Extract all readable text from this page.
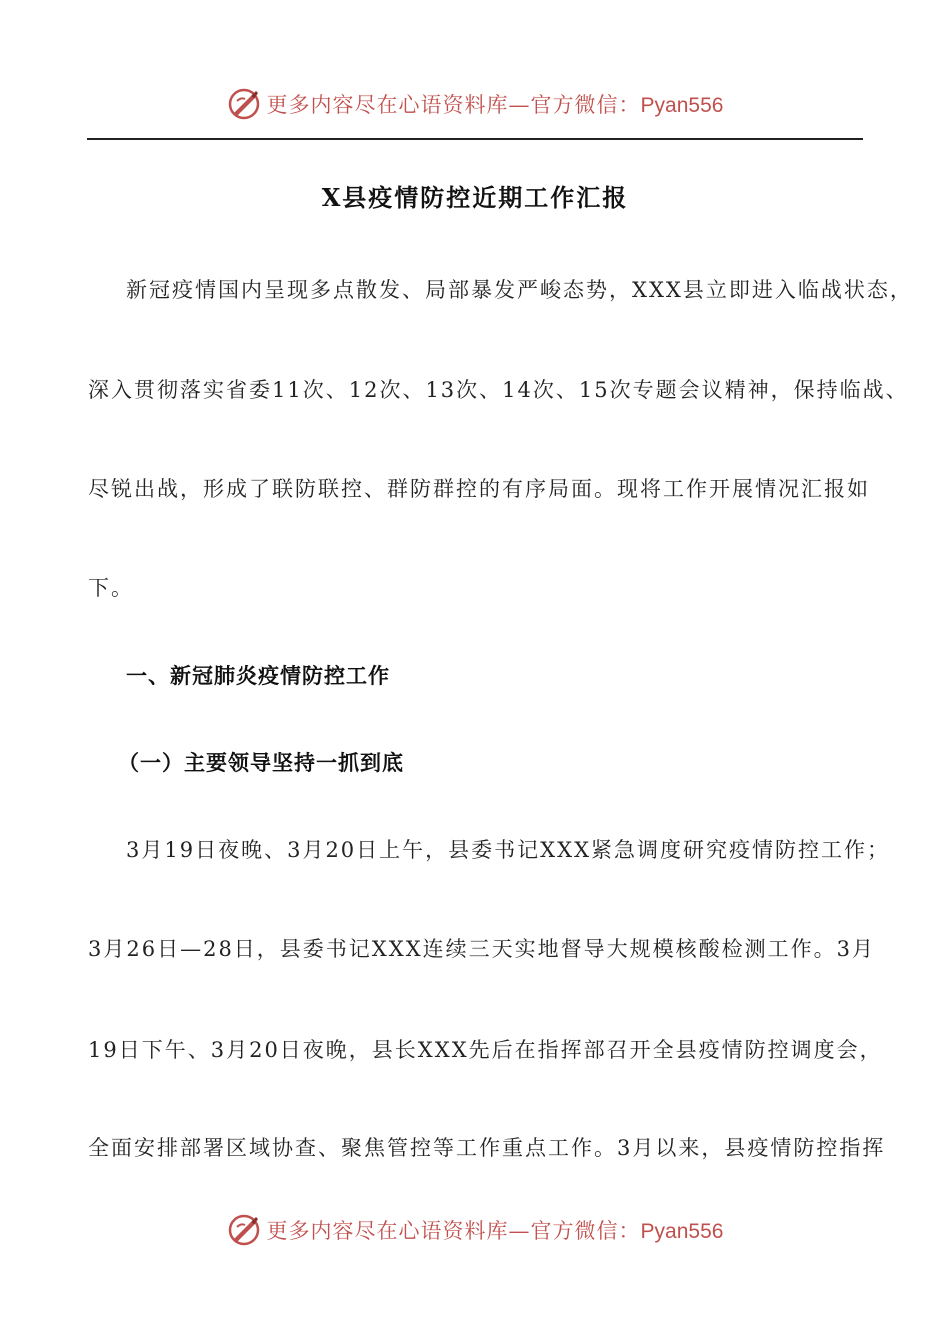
更多内容尽在心语资料库—官方微信：Pyan556
X县疫情防控近期工作汇报
新冠疫情国内呈现多点散发、局部暴发严峻态势，XXX县立即进入临战状态，
深入贯彻落实省委11次、12次、13次、14次、15次专题会议精神，保持临战、
尽锐出战，形成了联防联控、群防群控的有序局面。现将工作开展情况汇报如
下。
一、新冠肺炎疫情防控工作
（一）主要领导坚持一抓到底
3月19日夜晚、3月20日上午，县委书记XXX紧急调度研究疫情防控工作；
3月26日—28日，县委书记XXX连续三天实地督导大规模核酸检测工作。3月
19日下午、3月20日夜晚，县长XXX先后在指挥部召开全县疫情防控调度会，
全面安排部署区域协查、聚焦管控等工作重点工作。3月以来，县疫情防控指挥
更多内容尽在心语资料库—官方微信：Pyan556
